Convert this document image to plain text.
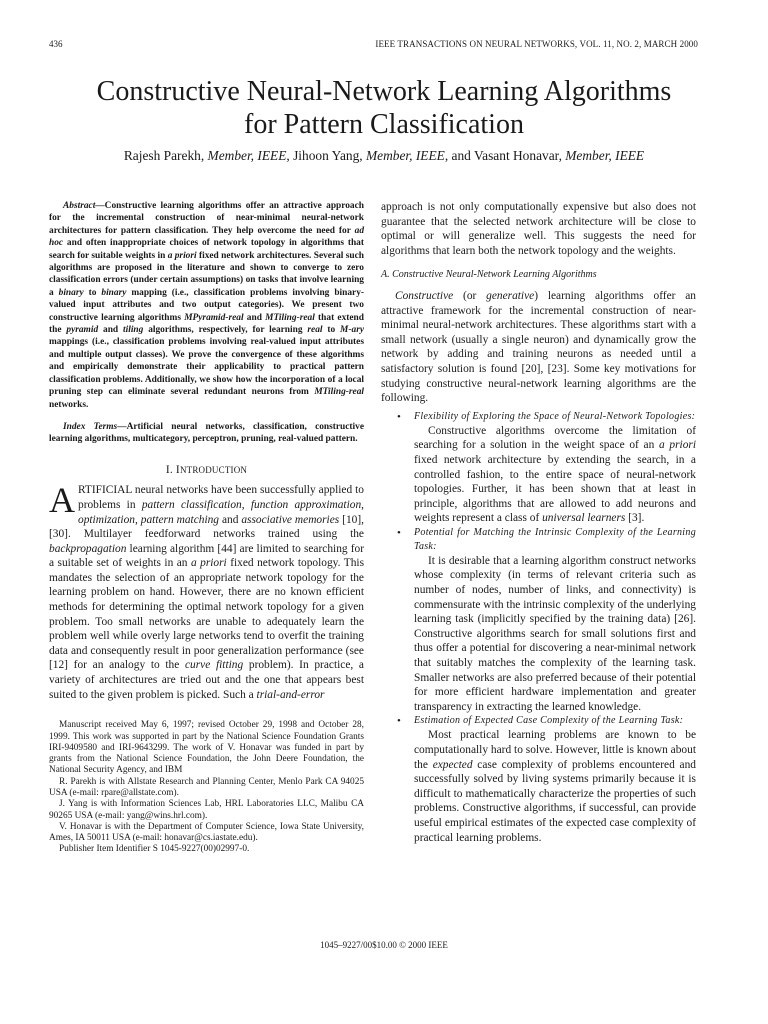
436	IEEE TRANSACTIONS ON NEURAL NETWORKS, VOL. 11, NO. 2, MARCH 2000
Constructive Neural-Network Learning Algorithms
for Pattern Classification
Rajesh Parekh, Member, IEEE, Jihoon Yang, Member, IEEE, and Vasant Honavar, Member, IEEE

Abstract—Constructive learning algorithms offer an attractive approach for the incremental construction of near-minimal neural-network architectures for pattern classification. They help overcome the need for ad hoc and often inappropriate choices of network topology in algorithms that search for suitable weights in a priori fixed network architectures. Several such algorithms are proposed in the literature and shown to converge to zero classification errors (under certain assumptions) on tasks that involve learning a binary to binary mapping (i.e., classification problems involving binary-valued input attributes and two output categories). We present two constructive learning algorithms MPyramid-real and MTiling-real that extend the pyramid and tiling algorithms, respectively, for learning real to M-ary mappings (i.e., classification problems involving real-valued input attributes and multiple output classes). We prove the convergence of these algorithms and empirically demonstrate their applicability to practical pattern classification problems. Additionally, we show how the incorporation of a local pruning step can eliminate several redundant neurons from MTiling-real networks.

Index Terms—Artificial neural networks, classification, constructive learning algorithms, multicategory, perceptron, pruning, real-valued pattern.

I. INTRODUCTION

ARTIFICIAL neural networks have been successfully applied to problems in pattern classification, function approximation, optimization, pattern matching and associative memories [10], [30]. Multilayer feedforward networks trained using the backpropagation learning algorithm [44] are limited to searching for a suitable set of weights in an a priori fixed network topology. This mandates the selection of an appropriate network topology for the learning problem on hand. However, there are no known efficient methods for determining the optimal network topology for a given problem. Too small networks are unable to adequately learn the problem well while overly large networks tend to overfit the training data and consequently result in poor generalization performance (see [12] for an analogy to the curve fitting problem). In practice, a variety of architectures are tried out and the one that appears best suited to the given problem is picked. Such a trial-and-error

Manuscript received May 6, 1997; revised October 29, 1998 and October 28, 1999. This work was supported in part by the National Science Foundation Grants IRI-9409580 and IRI-9643299. The work of V. Honavar was funded in part by grants from the National Science Foundation, the John Deere Foundation, the National Security Agency, and IBM

R. Parekh is with Allstate Research and Planning Center, Menlo Park CA 94025 USA (e-mail: rpare@allstate.com).

J. Yang is with Information Sciences Lab, HRL Laboratories LLC, Malibu CA 90265 USA (e-mail: yang@wins.hrl.com).

V. Honavar is with the Department of Computer Science, Iowa State University, Ames, IA 50011 USA (e-mail: honavar@cs.iastate.edu).

Publisher Item Identifier S 1045-9227(00)02997-0.

approach is not only computationally expensive but also does not guarantee that the selected network architecture will be close to optimal or will generalize well. This suggests the need for algorithms that learn both the network topology and the weights.

A. Constructive Neural-Network Learning Algorithms

Constructive (or generative) learning algorithms offer an attractive framework for the incremental construction of near-minimal neural-network architectures. These algorithms start with a small network (usually a single neuron) and dynamically grow the network by adding and training neurons as needed until a satisfactory solution is found [20], [23]. Some key motivations for studying constructive neural-network learning algorithms are the following.

• Flexibility of Exploring the Space of Neural-Network Topologies:

Constructive algorithms overcome the limitation of searching for a solution in the weight space of an a priori fixed network architecture by extending the search, in a controlled fashion, to the entire space of neural-network topologies. Further, it has been shown that at least in principle, algorithms that are allowed to add neurons and weights represent a class of universal learners [3].

• Potential for Matching the Intrinsic Complexity of the Learning Task:

It is desirable that a learning algorithm construct networks whose complexity (in terms of relevant criteria such as number of nodes, number of links, and connectivity) is commensurate with the intrinsic complexity of the underlying learning task (implicitly specified by the training data) [26]. Constructive algorithms search for small solutions first and thus offer a potential for discovering a near-minimal network that suitably matches the complexity of the learning task. Smaller networks are also preferred because of their potential for more efficient hardware implementation and greater transparency in extracting the learned knowledge.

• Estimation of Expected Case Complexity of the Learning Task:

Most practical learning problems are known to be computationally hard to solve. However, little is known about the expected case complexity of problems encountered and successfully solved by living systems primarily because it is difficult to mathematically characterize the properties of such problems. Constructive algorithms, if successful, can provide useful empirical estimates of the expected case complexity of practical learning problems.

1045–9227/00$10.00 © 2000 IEEE
